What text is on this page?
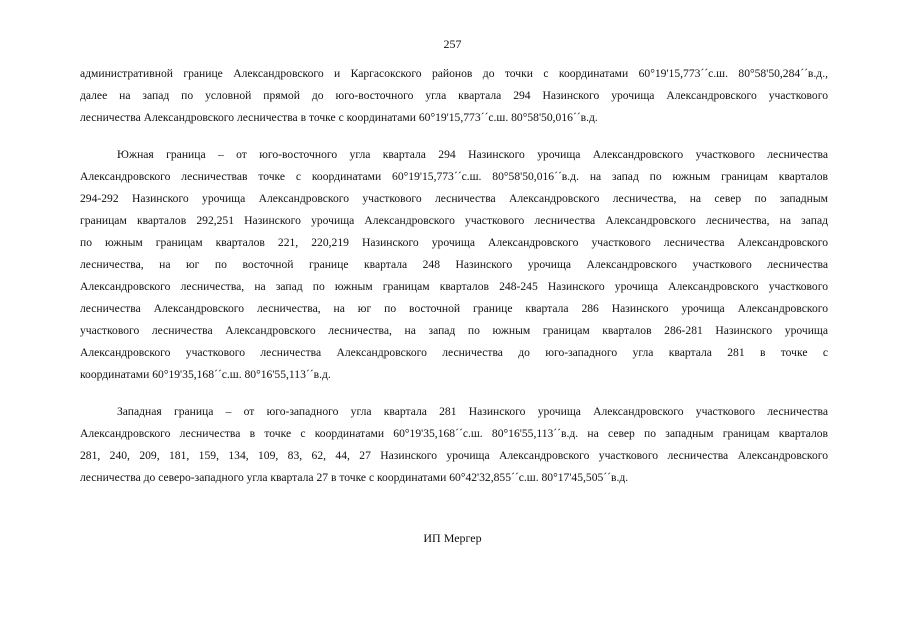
257
административной границе Александровского и Каргасокского районов до точки с координатами 60°19'15,773´´с.ш. 80°58'50,284´´в.д.,
далее на запад по условной прямой до юго-восточного угла квартала 294 Назинского урочища Александровского участкового
лесничества Александровского лесничества в точке с координатами 60°19'15,773´´с.ш. 80°58'50,016´´в.д.
Южная граница – от юго-восточного угла квартала 294 Назинского урочища Александровского участкового лесничества
Александровского лесничествав точке с координатами 60°19'15,773´´с.ш. 80°58'50,016´´в.д. на запад по южным границам кварталов
294-292 Назинского урочища Александровского участкового лесничества Александровского лесничества, на север по западным
границам кварталов 292,251 Назинского урочища Александровского участкового лесничества Александровского лесничества, на запад
по южным границам кварталов 221, 220,219 Назинского урочища Александровского участкового лесничества Александровского
лесничества, на юг по восточной границе квартала 248 Назинского урочища Александровского участкового лесничества
Александровского лесничества, на запад по южным границам кварталов 248-245 Назинского урочища Александровского участкового
лесничества Александровского лесничества, на юг по восточной границе квартала 286 Назинского урочища Александровского
участкового лесничества Александровского лесничества, на запад по южным границам кварталов 286-281 Назинского урочища
Александровского участкового лесничества Александровского лесничества до юго-западного угла квартала 281 в точке с
координатами 60°19'35,168´´с.ш. 80°16'55,113´´в.д.
Западная граница – от юго-западного угла квартала 281 Назинского урочища Александровского участкового лесничества
Александровского лесничества в точке с координатами 60°19'35,168´´с.ш. 80°16'55,113´´в.д. на север по западным границам кварталов
281, 240, 209, 181, 159, 134, 109, 83, 62, 44, 27 Назинского урочища Александровского участкового лесничества Александровского
лесничества до северо-западного угла квартала 27 в точке с координатами 60°42'32,855´´с.ш. 80°17'45,505´´в.д.
ИП Мергер
